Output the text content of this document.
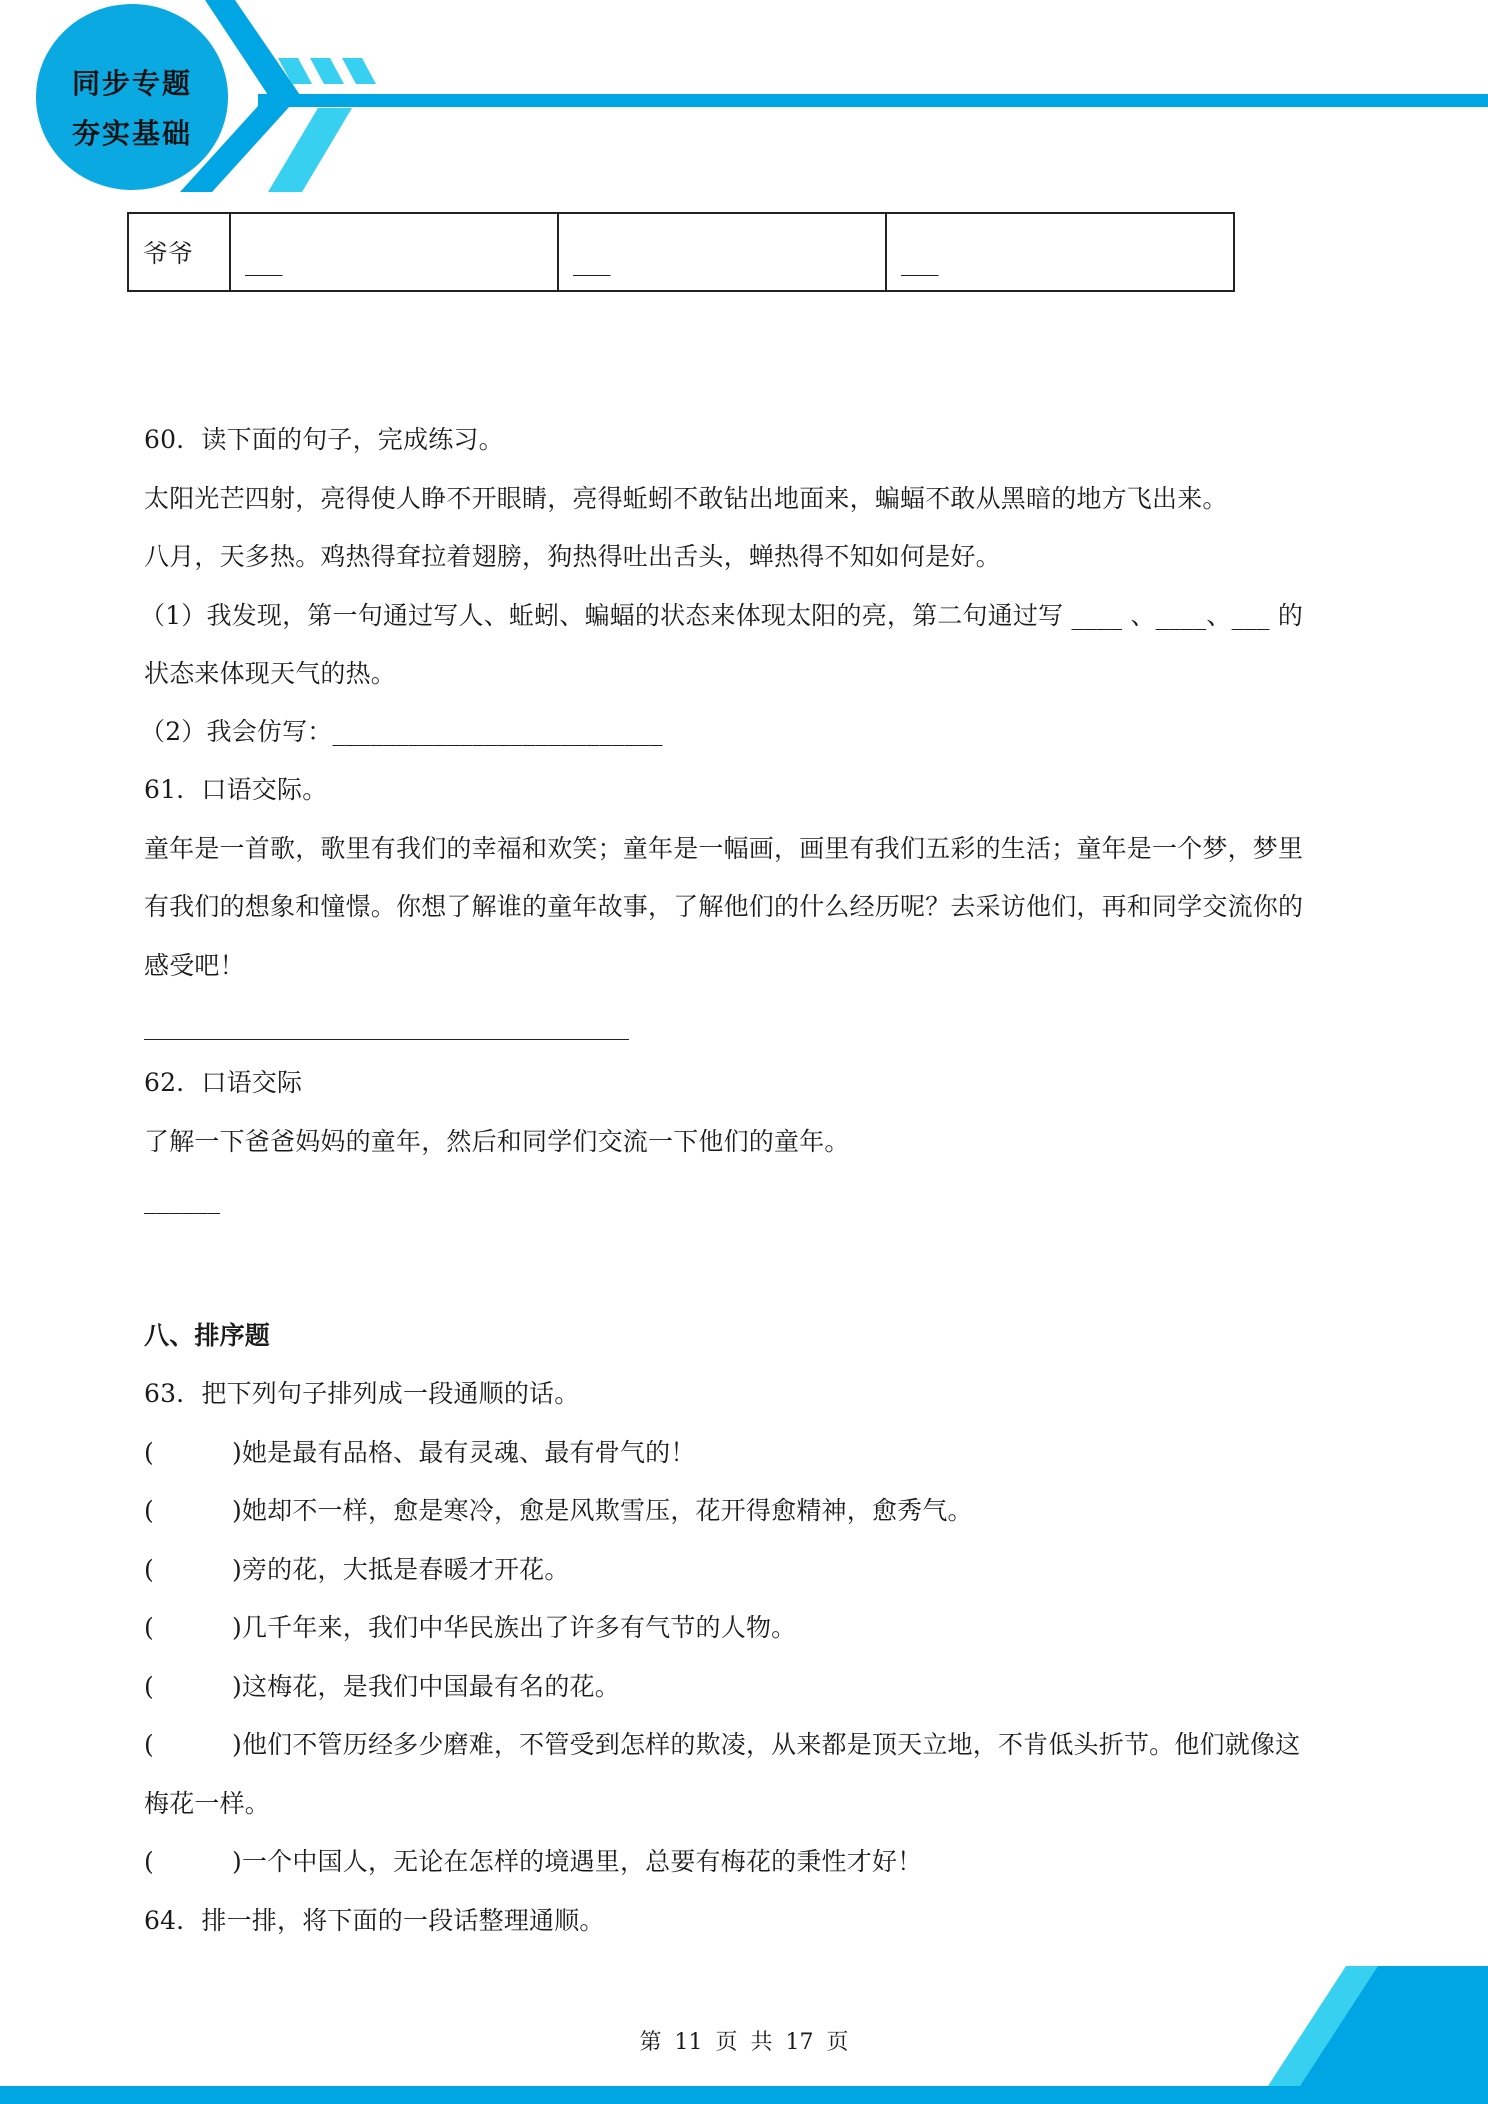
同步专题
夯实基础
爷爷	___	___	___
60．读下面的句子，完成练习。
太阳光芒四射，亮得使人睁不开眼睛，亮得蚯蚓不敢钻出地面来，蝙蝠不敢从黑暗的地方飞出来。
八月，天多热。鸡热得耷拉着翅膀，狗热得吐出舌头，蝉热得不知如何是好。
（1）我发现，第一句通过写人、蚯蚓、蝙蝠的状态来体现太阳的亮，第二句通过写 ____ 、____、___ 的
状态来体现天气的热。
（2）我会仿写：__________________________
61．口语交际。
童年是一首歌，歌里有我们的幸福和欢笑；童年是一幅画，画里有我们五彩的生活；童年是一个梦，梦里
有我们的想象和憧憬。你想了解谁的童年故事，了解他们的什么经历呢？去采访他们，再和同学交流你的
感受吧！
62．口语交际
了解一下爸爸妈妈的童年，然后和同学们交流一下他们的童年。
______
八、排序题
63．把下列句子排列成一段通顺的话。
(	)她是最有品格、最有灵魂、最有骨气的！
(	)她却不一样，愈是寒冷，愈是风欺雪压，花开得愈精神，愈秀气。
(	)旁的花，大抵是春暖才开花。
(	)几千年来，我们中华民族出了许多有气节的人物。
(	)这梅花，是我们中国最有名的花。
(	)他们不管历经多少磨难，不管受到怎样的欺凌，从来都是顶天立地，不肯低头折节。他们就像这
梅花一样。
(	)一个中国人，无论在怎样的境遇里，总要有梅花的秉性才好！
64．排一排，将下面的一段话整理通顺。
第 11 页 共 17 页
